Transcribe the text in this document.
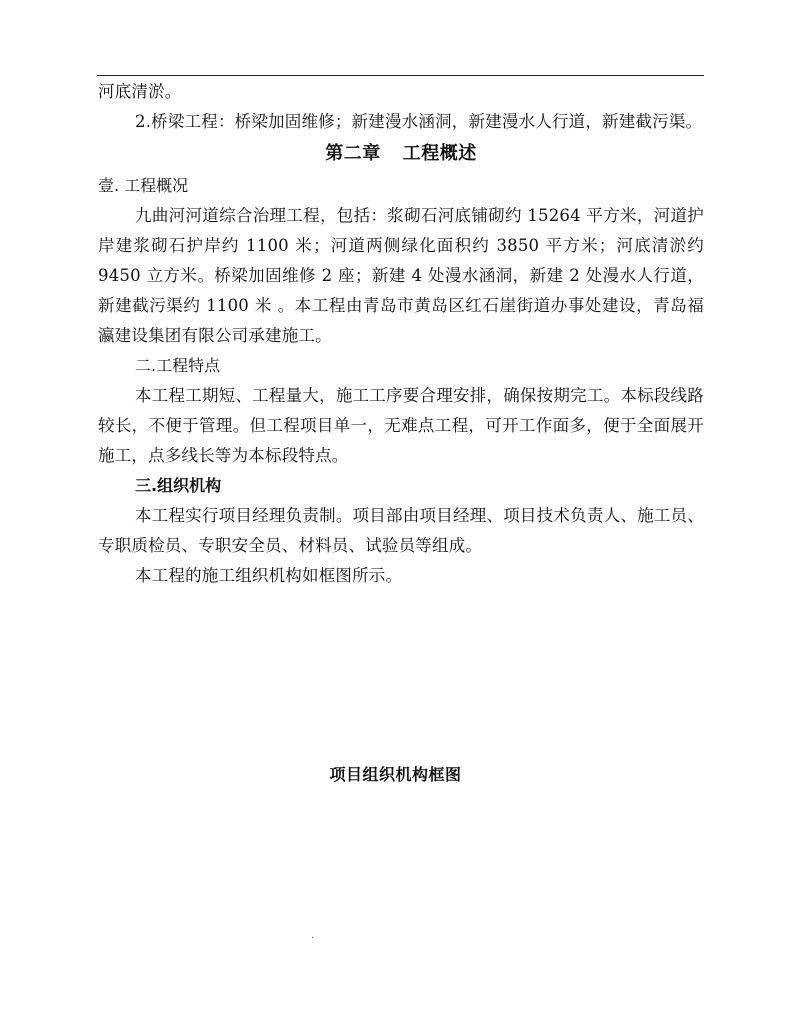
河底清淤。

2.桥梁工程：桥梁加固维修；新建漫水涵洞，新建漫水人行道，新建截污渠。

第二章 工程概述
壹. 工程概况

九曲河河道综合治理工程，包括：浆砌石河底铺砌约 15264 平方米，河道护岸建浆砌石护岸约 1100 米；河道两侧绿化面积约 3850 平方米；河底清淤约 9450 立方米。桥梁加固维修 2 座；新建 4 处漫水涵洞，新建 2 处漫水人行道，新建截污渠约 1100 米 。本工程由青岛市黄岛区红石崖街道办事处建设，青岛福瀛建设集团有限公司承建施工。

二.工程特点

本工程工期短、工程量大，施工工序要合理安排，确保按期完工。本标段线路较长，不便于管理。但工程项目单一，无难点工程，可开工作面多，便于全面展开施工，点多线长等为本标段特点。

三.组织机构

本工程实行项目经理负责制。项目部由项目经理、项目技术负责人、施工员、专职质检员、专职安全员、材料员、试验员等组成。

本工程的施工组织机构如框图所示。

项目组织机构框图
.
